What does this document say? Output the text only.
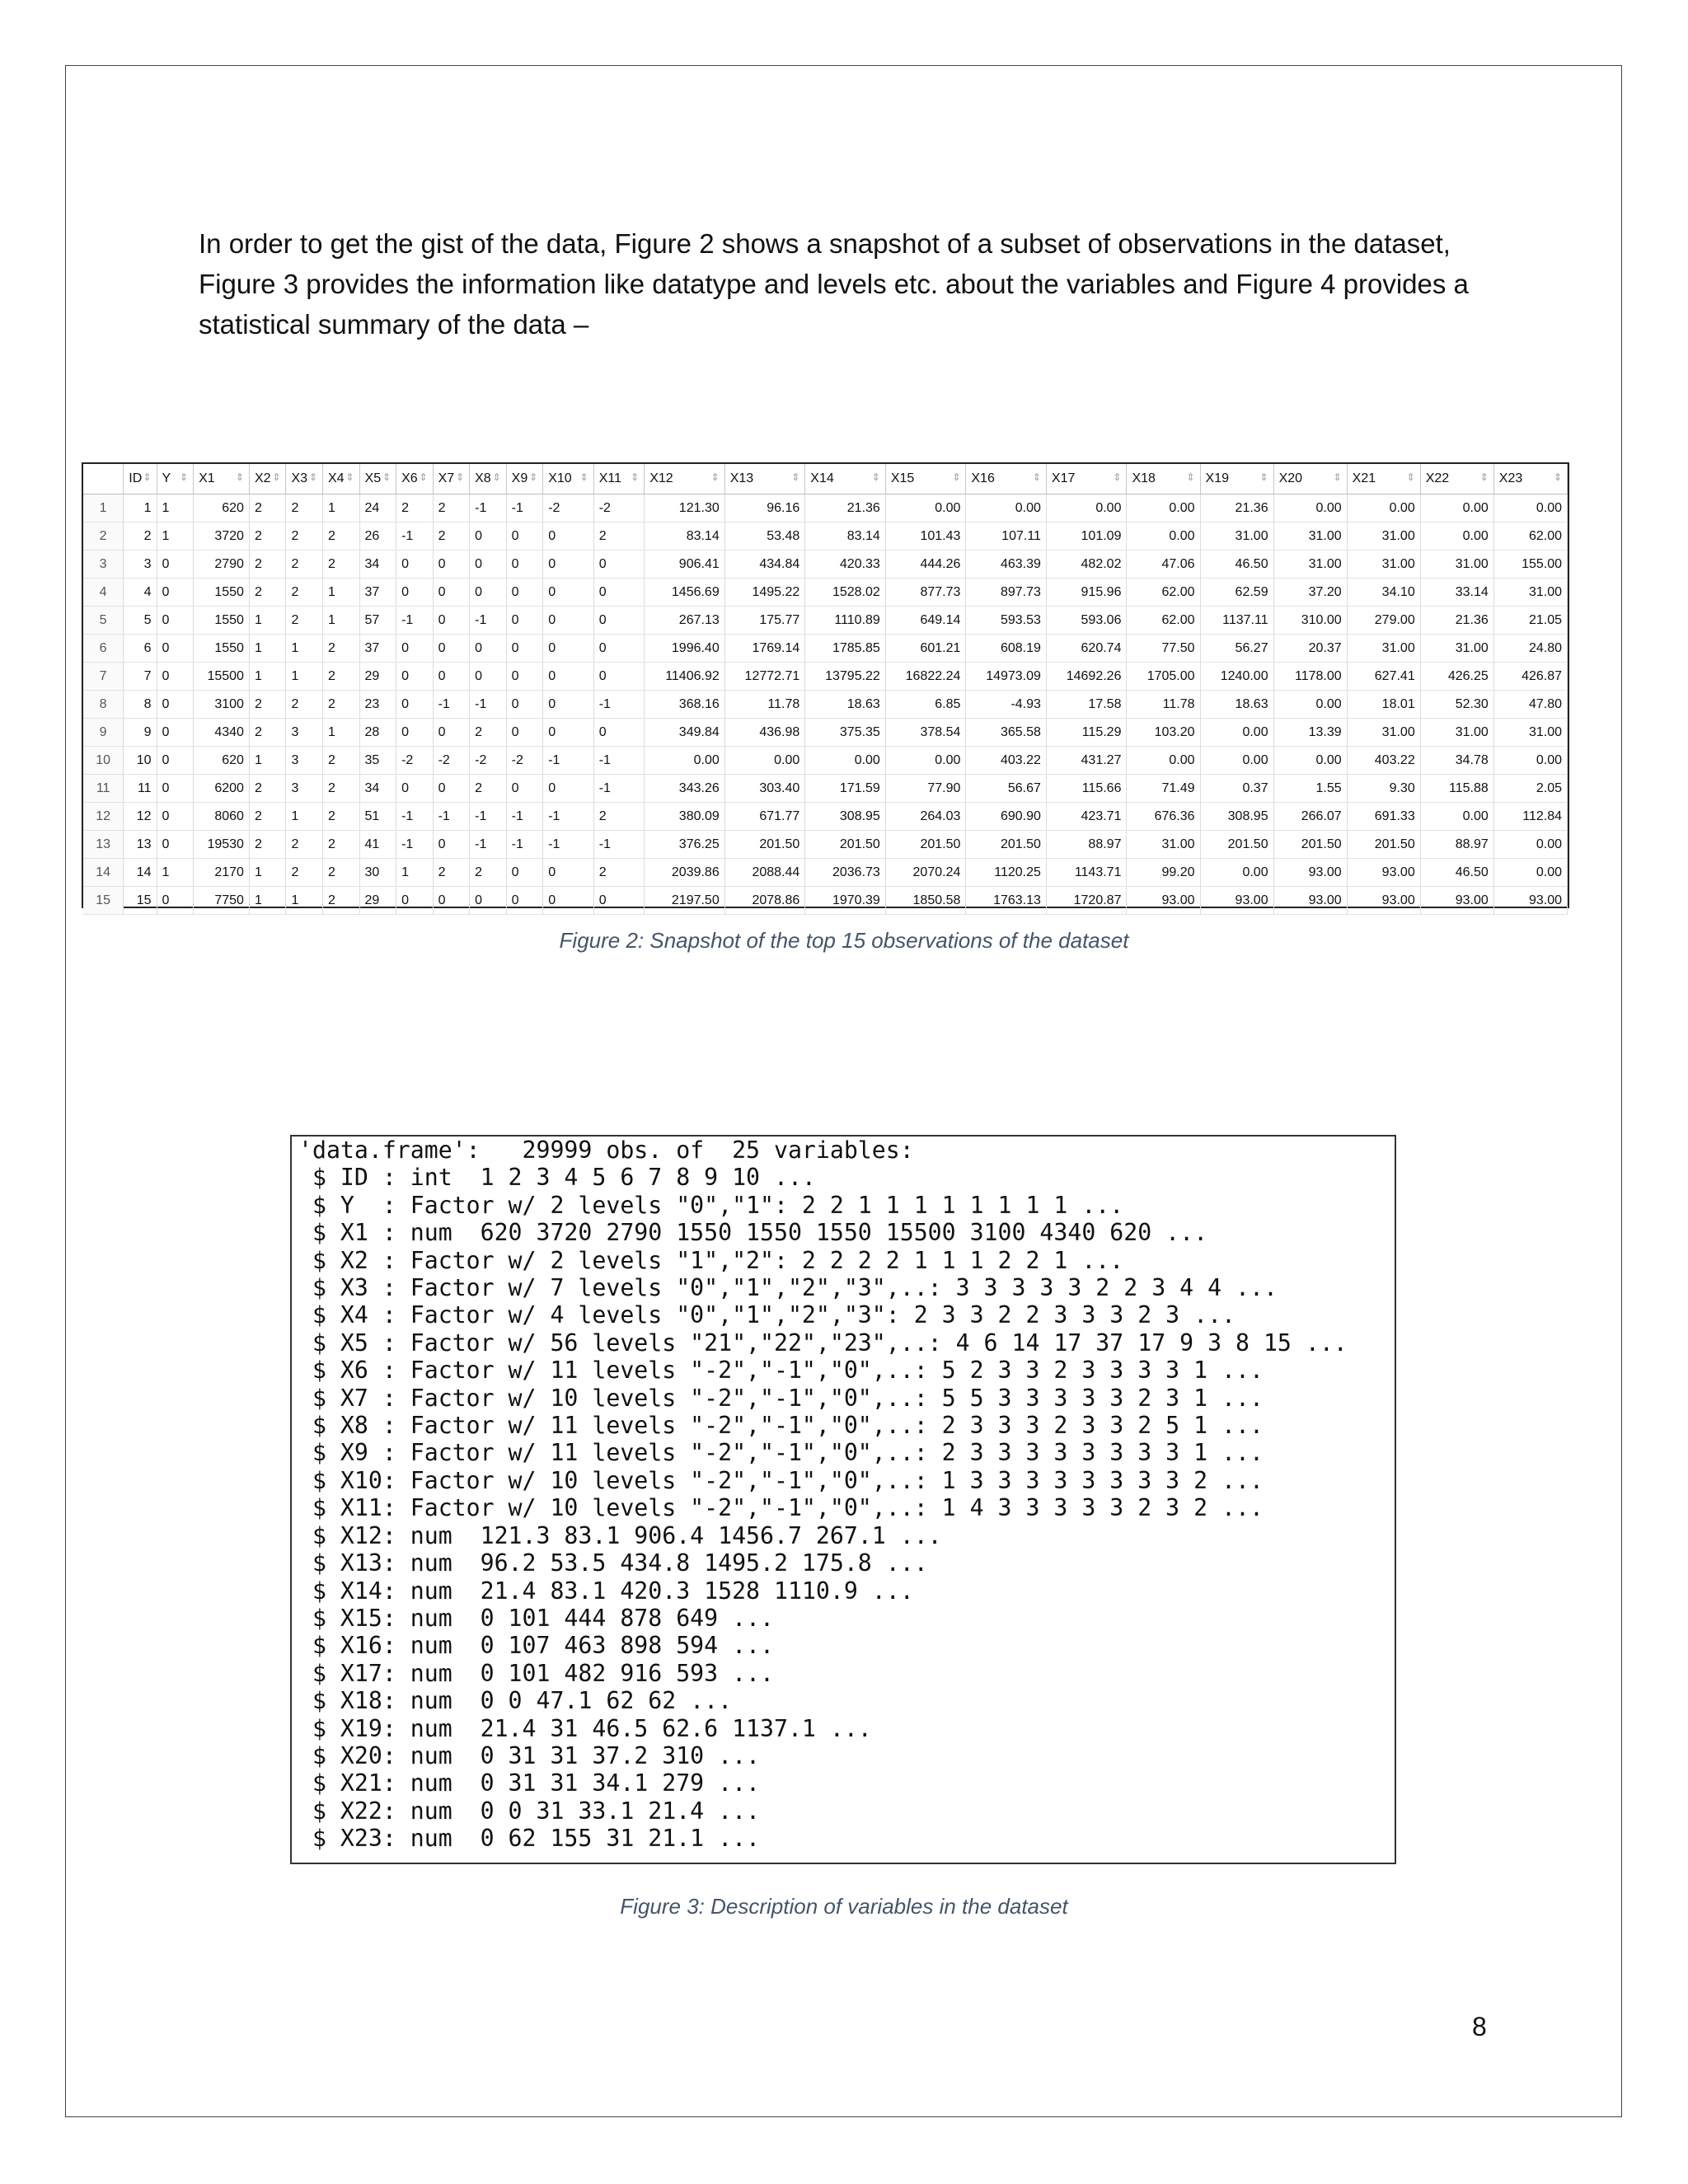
In order to get the gist of the data, Figure 2 shows a snapshot of a subset of observations in the dataset, Figure 3 provides the information like datatype and levels etc. about the variables and Figure 4 provides a statistical summary of the data –

	ID ⇕	Y ⇕	X1 ⇕	X2 ⇕	X3 ⇕	X4 ⇕	X5 ⇕	X6 ⇕	X7 ⇕	X8 ⇕	X9 ⇕	X10 ⇕	X11 ⇕	X12 ⇕	X13 ⇕	X14 ⇕	X15 ⇕	X16 ⇕	X17 ⇕	X18 ⇕	X19 ⇕	X20 ⇕	X21 ⇕	X22 ⇕	X23 ⇕

1	1	1	620	2	2	1	24	2	2	-1	-1	-2	-2	121.30	96.16	21.36	0.00	0.00	0.00	0.00	21.36	0.00	0.00	0.00	0.00
2	2	1	3720	2	2	2	26	-1	2	0	0	0	2	83.14	53.48	83.14	101.43	107.11	101.09	0.00	31.00	31.00	31.00	0.00	62.00
3	3	0	2790	2	2	2	34	0	0	0	0	0	0	906.41	434.84	420.33	444.26	463.39	482.02	47.06	46.50	31.00	31.00	31.00	155.00
4	4	0	1550	2	2	1	37	0	0	0	0	0	0	1456.69	1495.22	1528.02	877.73	897.73	915.96	62.00	62.59	37.20	34.10	33.14	31.00
5	5	0	1550	1	2	1	57	-1	0	-1	0	0	0	267.13	175.77	1110.89	649.14	593.53	593.06	62.00	1137.11	310.00	279.00	21.36	21.05
6	6	0	1550	1	1	2	37	0	0	0	0	0	0	1996.40	1769.14	1785.85	601.21	608.19	620.74	77.50	56.27	20.37	31.00	31.00	24.80
7	7	0	15500	1	1	2	29	0	0	0	0	0	0	11406.92	12772.71	13795.22	16822.24	14973.09	14692.26	1705.00	1240.00	1178.00	627.41	426.25	426.87
8	8	0	3100	2	2	2	23	0	-1	-1	0	0	-1	368.16	11.78	18.63	6.85	-4.93	17.58	11.78	18.63	0.00	18.01	52.30	47.80
9	9	0	4340	2	3	1	28	0	0	2	0	0	0	349.84	436.98	375.35	378.54	365.58	115.29	103.20	0.00	13.39	31.00	31.00	31.00
10	10	0	620	1	3	2	35	-2	-2	-2	-2	-1	-1	0.00	0.00	0.00	0.00	403.22	431.27	0.00	0.00	0.00	403.22	34.78	0.00
11	11	0	6200	2	3	2	34	0	0	2	0	0	-1	343.26	303.40	171.59	77.90	56.67	115.66	71.49	0.37	1.55	9.30	115.88	2.05
12	12	0	8060	2	1	2	51	-1	-1	-1	-1	-1	2	380.09	671.77	308.95	264.03	690.90	423.71	676.36	308.95	266.07	691.33	0.00	112.84
13	13	0	19530	2	2	2	41	-1	0	-1	-1	-1	-1	376.25	201.50	201.50	201.50	201.50	88.97	31.00	201.50	201.50	201.50	88.97	0.00
14	14	1	2170	1	2	2	30	1	2	2	0	0	2	2039.86	2088.44	2036.73	2070.24	1120.25	1143.71	99.20	0.00	93.00	93.00	46.50	0.00
15	15	0	7750	1	1	2	29	0	0	0	0	0	0	2197.50	2078.86	1970.39	1850.58	1763.13	1720.87	93.00	93.00	93.00	93.00	93.00	93.00
Figure 2: Snapshot of the top 15 observations of the dataset
'data.frame':   29999 obs. of  25 variables:
$ ID : int  1 2 3 4 5 6 7 8 9 10 ...
$ Y  : Factor w/ 2 levels "0","1": 2 2 1 1 1 1 1 1 1 1 ...
$ X1 : num  620 3720 2790 1550 1550 1550 15500 3100 4340 620 ...
$ X2 : Factor w/ 2 levels "1","2": 2 2 2 2 1 1 1 2 2 1 ...
$ X3 : Factor w/ 7 levels "0","1","2","3",..: 3 3 3 3 3 2 2 3 4 4 ...
$ X4 : Factor w/ 4 levels "0","1","2","3": 2 3 3 2 2 3 3 3 2 3 ...
$ X5 : Factor w/ 56 levels "21","22","23",..: 4 6 14 17 37 17 9 3 8 15 ...
$ X6 : Factor w/ 11 levels "-2","-1","0",..: 5 2 3 3 2 3 3 3 3 1 ...
$ X7 : Factor w/ 10 levels "-2","-1","0",..: 5 5 3 3 3 3 3 2 3 1 ...
$ X8 : Factor w/ 11 levels "-2","-1","0",..: 2 3 3 3 2 3 3 2 5 1 ...
$ X9 : Factor w/ 11 levels "-2","-1","0",..: 2 3 3 3 3 3 3 3 3 1 ...
$ X10: Factor w/ 10 levels "-2","-1","0",..: 1 3 3 3 3 3 3 3 3 2 ...
$ X11: Factor w/ 10 levels "-2","-1","0",..: 1 4 3 3 3 3 3 2 3 2 ...
$ X12: num  121.3 83.1 906.4 1456.7 267.1 ...
$ X13: num  96.2 53.5 434.8 1495.2 175.8 ...
$ X14: num  21.4 83.1 420.3 1528 1110.9 ...
$ X15: num  0 101 444 878 649 ...
$ X16: num  0 107 463 898 594 ...
$ X17: num  0 101 482 916 593 ...
$ X18: num  0 0 47.1 62 62 ...
$ X19: num  21.4 31 46.5 62.6 1137.1 ...
$ X20: num  0 31 31 37.2 310 ...
$ X21: num  0 31 31 34.1 279 ...
$ X22: num  0 0 31 33.1 21.4 ...
$ X23: num  0 62 155 31 21.1 ...
Figure 3: Description of variables in the dataset
8
